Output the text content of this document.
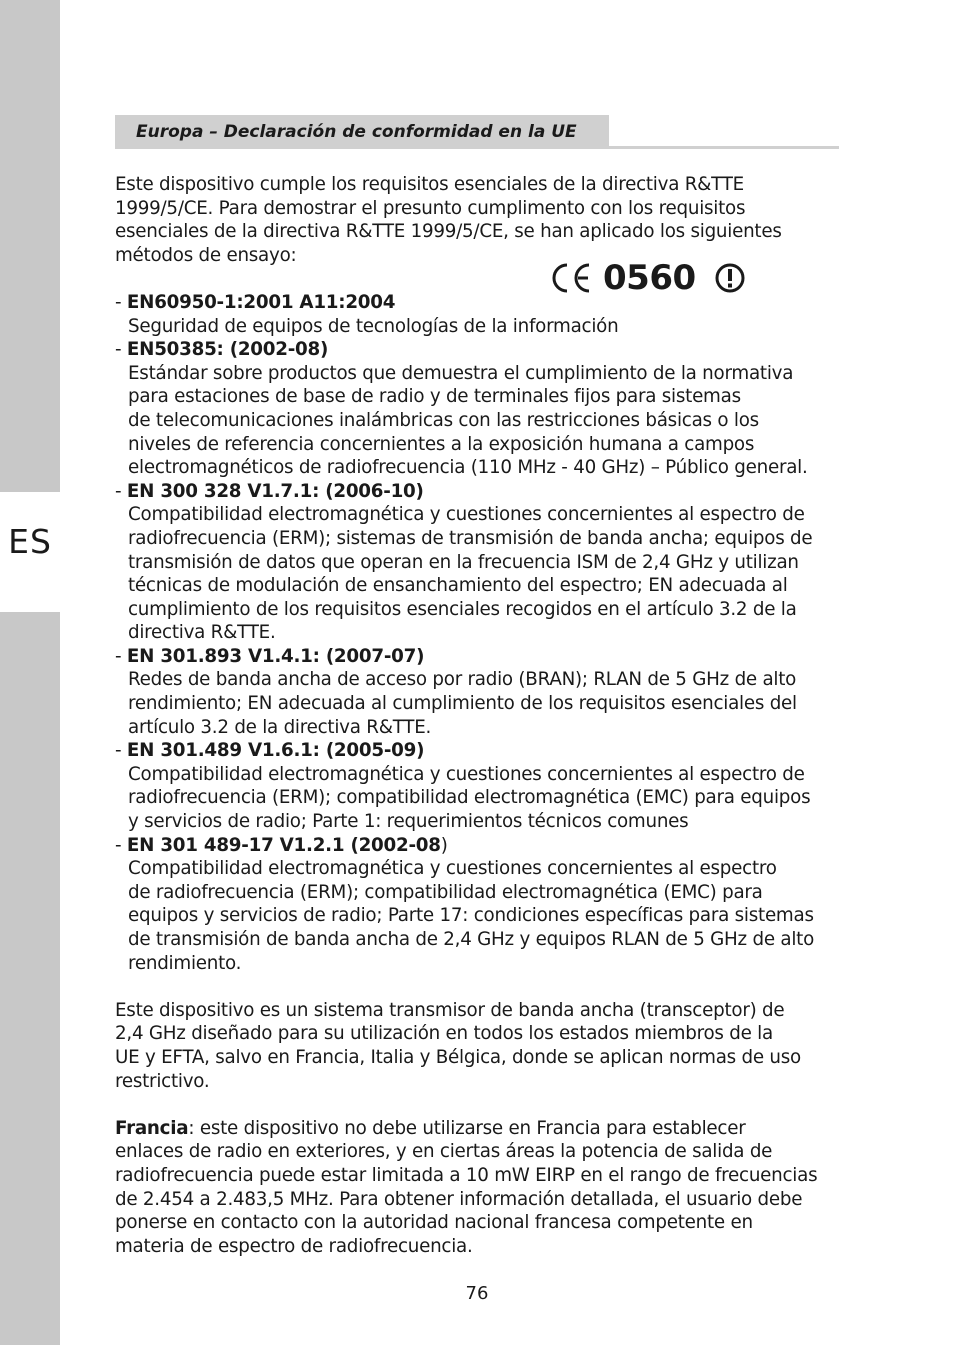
ES
Europa – Declaración de conformidad en la UE
0560

Este dispositivo cumple los requisitos esenciales de la directiva R&TTE

1999/5/CE. Para demostrar el presunto cumplimento con los requisitos

esenciales de la directiva R&TTE 1999/5/CE, se han aplicado los siguientes

métodos de ensayo:

- EN60950-1:2001 A11:2004

Seguridad de equipos de tecnologías de la información

- EN50385: (2002-08)

Estándar sobre productos que demuestra el cumplimiento de la normativa

para estaciones de base de radio y de terminales fijos para sistemas

de telecomunicaciones inalámbricas con las restricciones básicas o los

niveles de referencia concernientes a la exposición humana a campos

electromagnéticos de radiofrecuencia (110 MHz - 40 GHz) – Público general.

- EN 300 328 V1.7.1: (2006-10)

Compatibilidad electromagnética y cuestiones concernientes al espectro de

radiofrecuencia (ERM); sistemas de transmisión de banda ancha; equipos de

transmisión de datos que operan en la frecuencia ISM de 2,4 GHz y utilizan

técnicas de modulación de ensanchamiento del espectro; EN adecuada al

cumplimiento de los requisitos esenciales recogidos en el artículo 3.2 de la

directiva R&TTE.

- EN 301.893 V1.4.1: (2007-07)

Redes de banda ancha de acceso por radio (BRAN); RLAN de 5 GHz de alto

rendimiento; EN adecuada al cumplimiento de los requisitos esenciales del

artículo 3.2 de la directiva R&TTE.

- EN 301.489 V1.6.1: (2005-09)

Compatibilidad electromagnética y cuestiones concernientes al espectro de

radiofrecuencia (ERM); compatibilidad electromagnética (EMC) para equipos

y servicios de radio; Parte 1: requerimientos técnicos comunes

- EN 301 489-17 V1.2.1 (2002-08)

Compatibilidad electromagnética y cuestiones concernientes al espectro

de radiofrecuencia (ERM); compatibilidad electromagnética (EMC) para

equipos y servicios de radio; Parte 17: condiciones específicas para sistemas

de transmisión de banda ancha de 2,4 GHz y equipos RLAN de 5 GHz de alto

rendimiento.

Este dispositivo es un sistema transmisor de banda ancha (transceptor) de

2,4 GHz diseñado para su utilización en todos los estados miembros de la

UE y EFTA, salvo en Francia, Italia y Bélgica, donde se aplican normas de uso

restrictivo.

Francia: este dispositivo no debe utilizarse en Francia para establecer

enlaces de radio en exteriores, y en ciertas áreas la potencia de salida de

radiofrecuencia puede estar limitada a 10 mW EIRP en el rango de frecuencias

de 2.454 a 2.483,5 MHz. Para obtener información detallada, el usuario debe

ponerse en contacto con la autoridad nacional francesa competente en

materia de espectro de radiofrecuencia.

76
